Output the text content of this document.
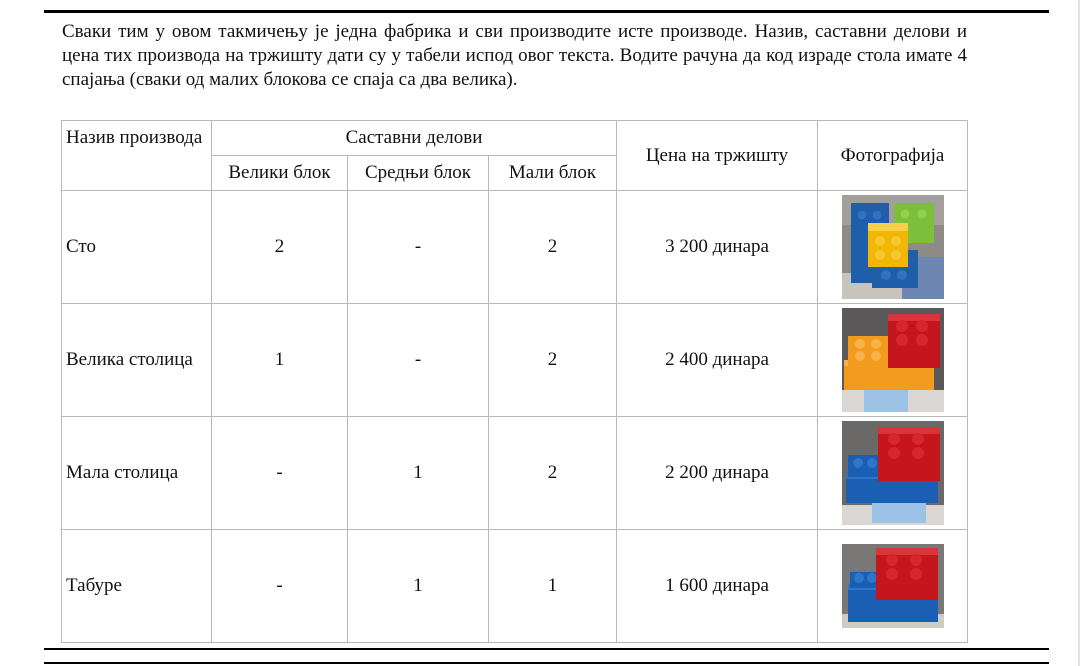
Сваки тим у овом такмичењу је једна фабрика и сви производите исте производе. Назив, саставни делови и цена тих производа на тржишту дати су у табели испод овог текста. Водите рачуна да код израде стола имате 4 спајања (сваки од малих блокова се спаја са два велика).

Назив производа	Саставни делови			Цена на тржишту	Фотографија
	Велики блок	Средњи блок	Мали блок		
Сто	2	-	2	3 200 динара	

Велика столица	1	-	2	2 400 динара	

Мала столица	-	1	2	2 200 динара	

Табуре	-	1	1	1 600 динара	
